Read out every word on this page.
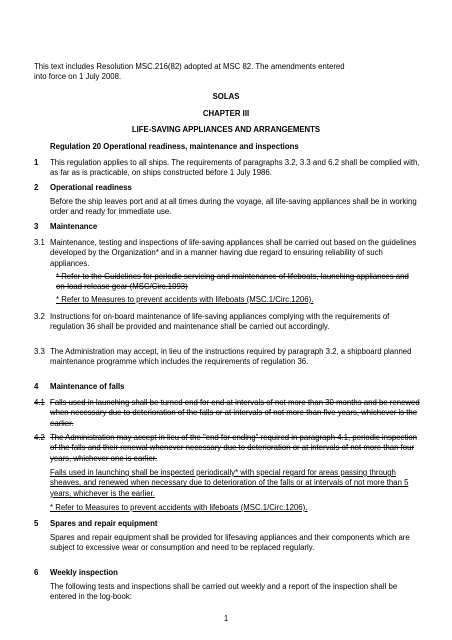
This text includes Resolution MSC.216(82) adopted at MSC 82. The amendments entered
into force on 1 July 2008.
SOLAS
CHAPTER III
LIFE-SAVING APPLIANCES AND ARRANGEMENTS
Regulation 20 Operational readiness, maintenance and inspections
1 This regulation applies to all ships. The requirements of paragraphs 3.2, 3.3 and 6.2 shall be complied with, as far as is practicable, on ships constructed before 1 July 1986.
2 Operational readiness
Before the ship leaves port and at all times during the voyage, all life-saving appliances shall be in working order and ready for immediate use.
3 Maintenance
3.1 Maintenance, testing and inspections of life-saving appliances shall be carried out based on the guidelines developed by the Organization* and in a manner having due regard to ensuring reliability of such appliances.
* Refer to the Guidelines for periodic servicing and maintenance of lifeboats, launching appliances and on-load release gear (MSC/Circ.1093)
* Refer to Measures to prevent accidents with lifeboats (MSC.1/Circ.1206).
3.2 Instructions for on-board maintenance of life-saving appliances complying with the requirements of regulation 36 shall be provided and maintenance shall be carried out accordingly.
3.3 The Administration may accept, in lieu of the instructions required by paragraph 3.2, a shipboard planned maintenance programme which includes the requirements of regulation 36.
4 Maintenance of falls
4.1 Falls used in launching shall be turned end for end at intervals of not more than 30 months and be renewed when necessary due to deterioration of the falls or at intervals of not more than five years, whichever is the earlier.
4.2 The Administration may accept in lieu of the "end for ending" required in paragraph 4.1, periodic inspection of the falls and their renewal whenever necessary due to deterioration or at intervals of not more than four years, whichever one is earlier.
Falls used in launching shall be inspected periodically* with special regard for areas passing through sheaves, and renewed when necessary due to deterioration of the falls or at intervals of not more than 5 years, whichever is the earlier.
* Refer to Measures to prevent accidents with lifeboats (MSC.1/Circ.1206).
5 Spares and repair equipment
Spares and repair equipment shall be provided for lifesaving appliances and their components which are subject to excessive wear or consumption and need to be replaced regularly.
6 Weekly inspection
The following tests and inspections shall be carried out weekly and a report of the inspection shall be entered in the log-book:
1
